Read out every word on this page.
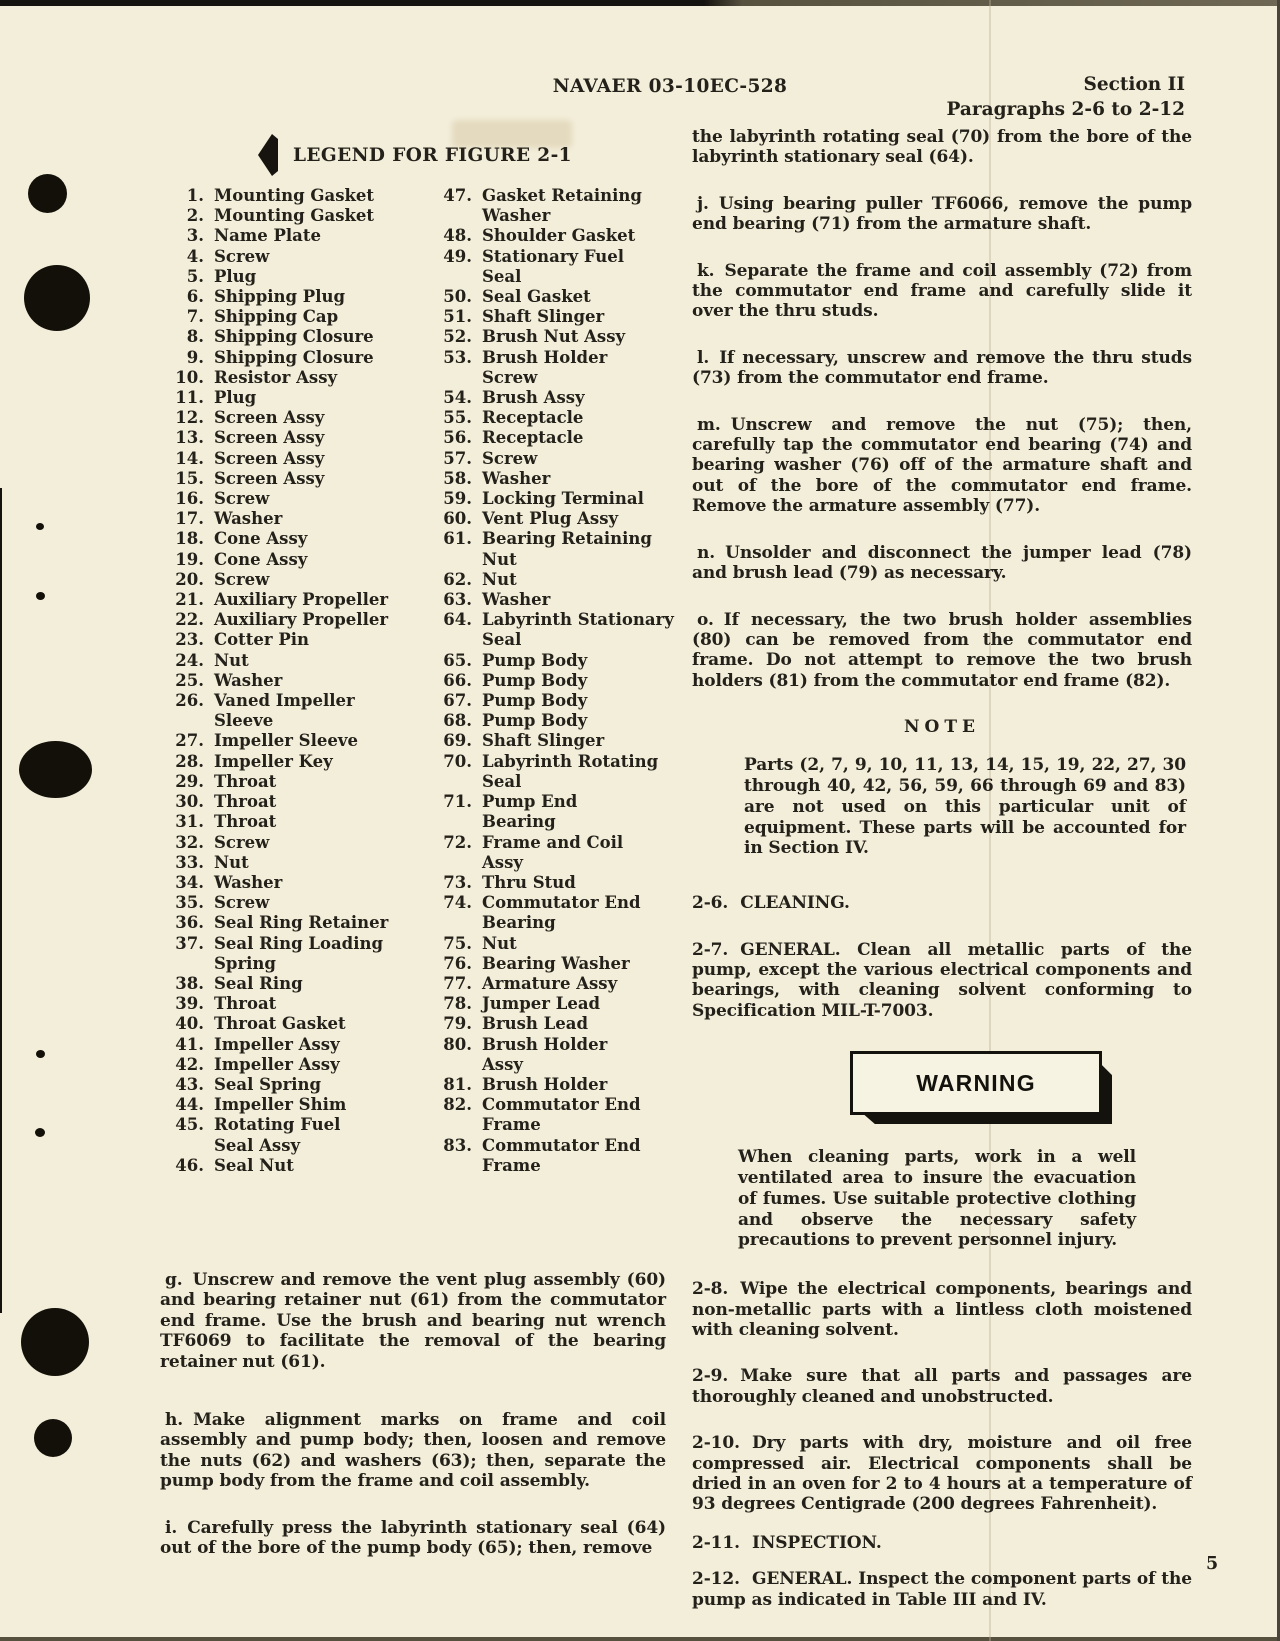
NAVAER 03-10EC-528	Section II
Paragraphs 2-6 to 2-12
LEGEND FOR FIGURE 2-1
1. Mounting Gasket
2. Mounting Gasket
3. Name Plate
4. Screw
5. Plug
6. Shipping Plug
7. Shipping Cap
8. Shipping Closure
9. Shipping Closure
10. Resistor Assy
11. Plug
12. Screen Assy
13. Screen Assy
14. Screen Assy
15. Screen Assy
16. Screw
17. Washer
18. Cone Assy
19. Cone Assy
20. Screw
21. Auxiliary Propeller
22. Auxiliary Propeller
23. Cotter Pin
24. Nut
25. Washer
26. Vaned Impeller
Sleeve
27. Impeller Sleeve
28. Impeller Key
29. Throat
30. Throat
31. Throat
32. Screw
33. Nut
34. Washer
35. Screw
36. Seal Ring Retainer
37. Seal Ring Loading
Spring
38. Seal Ring
39. Throat
40. Throat Gasket
41. Impeller Assy
42. Impeller Assy
43. Seal Spring
44. Impeller Shim
45. Rotating Fuel
Seal Assy
46. Seal Nut
47. Gasket Retaining
Washer
48. Shoulder Gasket
49. Stationary Fuel
Seal
50. Seal Gasket
51. Shaft Slinger
52. Brush Nut Assy
53. Brush Holder
Screw
54. Brush Assy
55. Receptacle
56. Receptacle
57. Screw
58. Washer
59. Locking Terminal
60. Vent Plug Assy
61. Bearing Retaining
Nut
62. Nut
63. Washer
64. Labyrinth Stationary
Seal
65. Pump Body
66. Pump Body
67. Pump Body
68. Pump Body
69. Shaft Slinger
70. Labyrinth Rotating
Seal
71. Pump End
Bearing
72. Frame and Coil
Assy
73. Thru Stud
74. Commutator End
Bearing
75. Nut
76. Bearing Washer
77. Armature Assy
78. Jumper Lead
79. Brush Lead
80. Brush Holder
Assy
81. Brush Holder
82. Commutator End
Frame
83. Commutator End
Frame

g. Unscrew and remove the vent plug assembly (60) and bearing retainer nut (61) from the commutator end frame. Use the brush and bearing nut wrench TF6069 to facilitate the removal of the bearing retainer nut (61).

h. Make alignment marks on frame and coil assembly and pump body; then, loosen and remove the nuts (62) and washers (63); then, separate the pump body from the frame and coil assembly.

i. Carefully press the labyrinth stationary seal (64) out of the bore of the pump body (65); then, remove

the labyrinth rotating seal (70) from the bore of the labyrinth stationary seal (64).

j. Using bearing puller TF6066, remove the pump end bearing (71) from the armature shaft.

k. Separate the frame and coil assembly (72) from the commutator end frame and carefully slide it over the thru studs.

l. If necessary, unscrew and remove the thru studs (73) from the commutator end frame.

m. Unscrew and remove the nut (75); then, carefully tap the commutator end bearing (74) and bearing washer (76) off of the armature shaft and out of the bore of the commutator end frame. Remove the armature assembly (77).

n. Unsolder and disconnect the jumper lead (78) and brush lead (79) as necessary.

o. If necessary, the two brush holder assemblies (80) can be removed from the commutator end frame. Do not attempt to remove the two brush holders (81) from the commutator end frame (82).

NOTE
Parts (2, 7, 9, 10, 11, 13, 14, 15, 19, 22, 27, 30 through 40, 42, 56, 59, 66 through 69 and 83) are not used on this particular unit of equipment. These parts will be accounted for in Section IV.

2-6. CLEANING.

2-7. GENERAL. Clean all metallic parts of the pump, except the various electrical components and bearings, with cleaning solvent conforming to Specification MIL-T-7003.

WARNING
When cleaning parts, work in a well ventilated area to insure the evacuation of fumes. Use suitable protective clothing and observe the necessary safety precautions to prevent personnel injury.

2-8. Wipe the electrical components, bearings and non-metallic parts with a lintless cloth moistened with cleaning solvent.

2-9. Make sure that all parts and passages are thoroughly cleaned and unobstructed.

2-10. Dry parts with dry, moisture and oil free compressed air. Electrical components shall be dried in an oven for 2 to 4 hours at a temperature of 93 degrees Centigrade (200 degrees Fahrenheit).

2-11. INSPECTION.

2-12. GENERAL. Inspect the component parts of the pump as indicated in Table III and IV.

5
